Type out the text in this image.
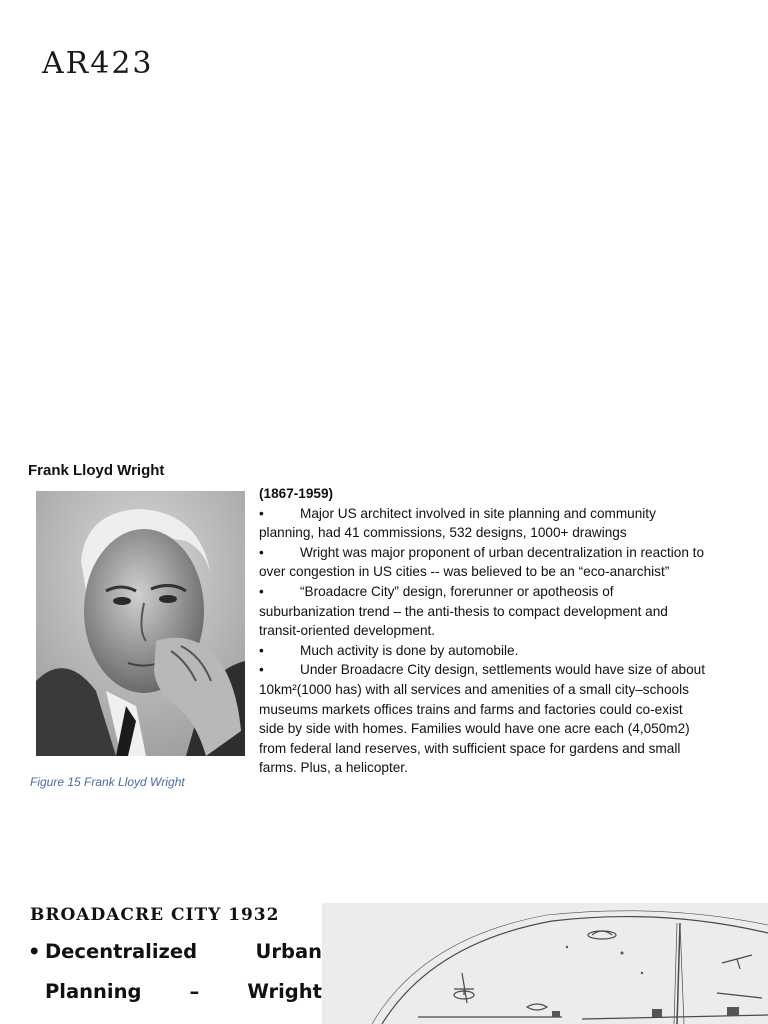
AR423
Frank Lloyd Wright
Figure 15 Frank Lloyd Wright
(1867-1959)
•	Major US architect involved in site planning and community
planning, had 41 commissions, 532 designs, 1000+ drawings
•	Wright was major proponent of urban decentralization in reaction to
over congestion in US cities -- was believed to be an “eco-anarchist”
•	“Broadacre City” design, forerunner or apotheosis of
suburbanization trend – the anti-thesis to compact development and
transit-oriented development.
•	Much activity is done by automobile.
•	Under Broadacre City design, settlements would have size of about
10km²(1000 has) with all services and amenities of a small city–schools
museums markets offices trains and farms and factories could co-exist
side by side with homes. Families would have one acre each (4,050m2)
from federal land reserves, with sufficient space for gardens and small
farms. Plus, a helicopter.
BROADACRE CITY 1932
• Decentralized	Urban
Planning – Wright
